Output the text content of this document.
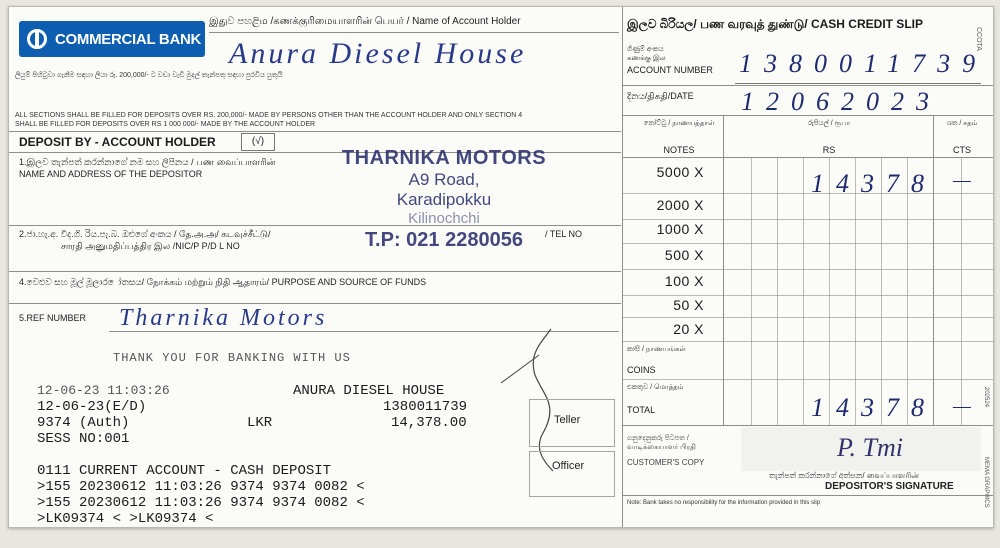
COMMERCIAL BANK
இதுව පහළිம /கணக்குரிமையாளரின் பெயர் / Name of Account Holder
Anura Diesel House
ලියුම් පිහිටුවා ගැනීම සඳහා ලියා රු. 200,000/- ට වඩා වැඩි මුදල් තැන්පතු සඳහා පුරවිය යුතුයි
ALL SECTIONS SHALL BE FILLED FOR DEPOSITS OVER RS. 200,000/- MADE BY PERSONS OTHER THAN THE ACCOUNT HOLDER AND ONLY SECTION 4
SHALL BE FILLED FOR DEPOSITS OVER RS 1 000 000/- MADE BY THE ACCOUNT HOLDER
DEPOSIT BY - ACCOUNT HOLDER	(√)
1.இලව තැන්පත් කරන්නාගේ නම සහ ලිපිනය / பண வைப்பாளரின்
NAME AND ADDRESS OF THE DEPOSITOR
THARNIKA MOTORS
A9 Road,
Karadipokku
Kilinochchi
T.P: 021 2280056
2.ජා.හැ.අ. විද.ගි. රිය.පැ.බ. ඔළුගේ අංකය / தே.அ.அ/ கடவுச்சீட்டு/
சாரதி அனுமதிப்பத்திர இல /NIC/P P/D L NO
/ TEL NO
4.වෙළුව සහ මූල් මූලා‍ර ‍ෝ‍ත‍ස‍ය/ நோக்கம் மற்றும் நிதி ஆதாரம்/ PURPOSE AND SOURCE OF FUNDS
5.REF NUMBER Tharnika Motors
THANK YOU FOR BANKING WITH US
12-06-23 11:03:26	ANURA DIESEL HOUSE
12-06-23(E/D)	1380011739
9374 (Auth)	LKR	14,378.00
SESS NO:001
0111 CURRENT ACCOUNT - CASH DEPOSIT
>155 20230612 11:03:26 9374 9374 0082 <
>155 20230612 11:03:26 9374 9374 0082 <
>LK09374 < >LK09374 <
Teller
Officer
இලව බිරියල/ பண வரவுத் துண்டு/ CASH CREDIT SLIP
CCOTA
ගිණුම් අංකය
கணக்கு இல
ACCOUNT NUMBER 1380011739
දිනය/திகதி/DATE 12062023
නෝට්ටු / நாணயத்தாள்
NOTES
රුපියල් / ரூபா
RS
ශත / சதம்
CTS
5000 X	14378 —
2000 X
1000 X
500 X
100 X
50 X
20 X
කාසි / நாணயங்கள்
COINS
එකතුව / மொத்தம்
TOTAL	14378 —
ගනුදෙනුකරු පිටපත / வாடிக்கையாளர் பிரதி
CUSTOMER'S COPY
P. Tmi
තැන්පත් කරන්නාගේ අත්සන/ வைப்பாளரின்
DEPOSITOR'S SIGNATURE
Note: Bank takes no responsibility for the information provided in this slip
202524
MEMA GRAPHICS
